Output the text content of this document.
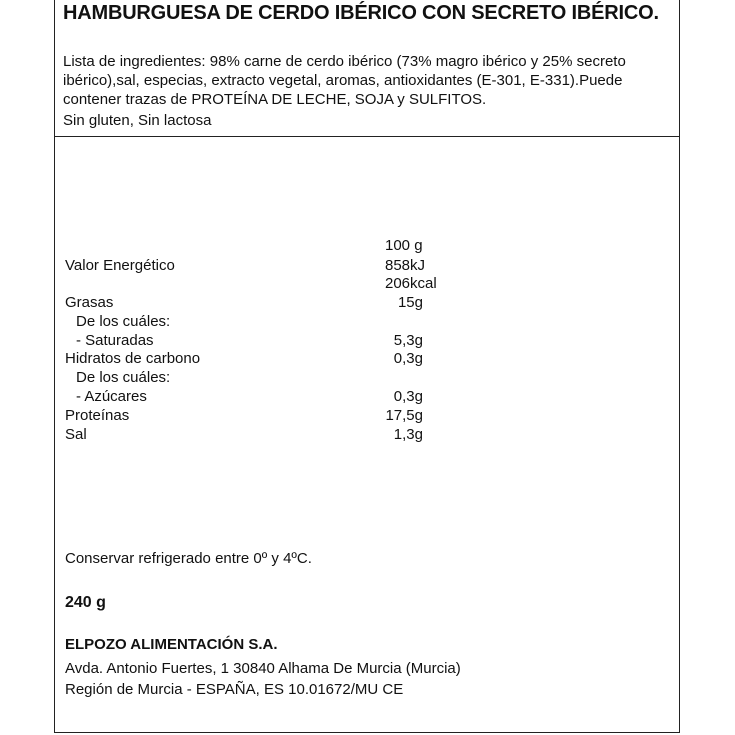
HAMBURGUESA DE CERDO IBÉRICO CON SECRETO IBÉRICO.

Lista de ingredientes: 98% carne de cerdo ibérico (73% magro ibérico y 25% secreto ibérico),sal, especias, extracto vegetal, aromas, antioxidantes (E-301, E-331).Puede contener trazas de PROTEÍNA DE LECHE, SOJA y SULFITOS.

Sin gluten, Sin lactosa

100 g
Valor Energético	858kJ
206kcal
Grasas	15g
De los cuáles:
- Saturadas	5,3g
Hidratos de carbono	0,3g
De los cuáles:
- Azúcares	0,3g
Proteínas	17,5g
Sal	1,3g

Conservar refrigerado entre 0º y 4ºC.

240 g

ELPOZO ALIMENTACIÓN S.A.

Avda. Antonio Fuertes, 1 30840 Alhama De Murcia (Murcia)

Región de Murcia - ESPAÑA, ES 10.01672/MU CE
